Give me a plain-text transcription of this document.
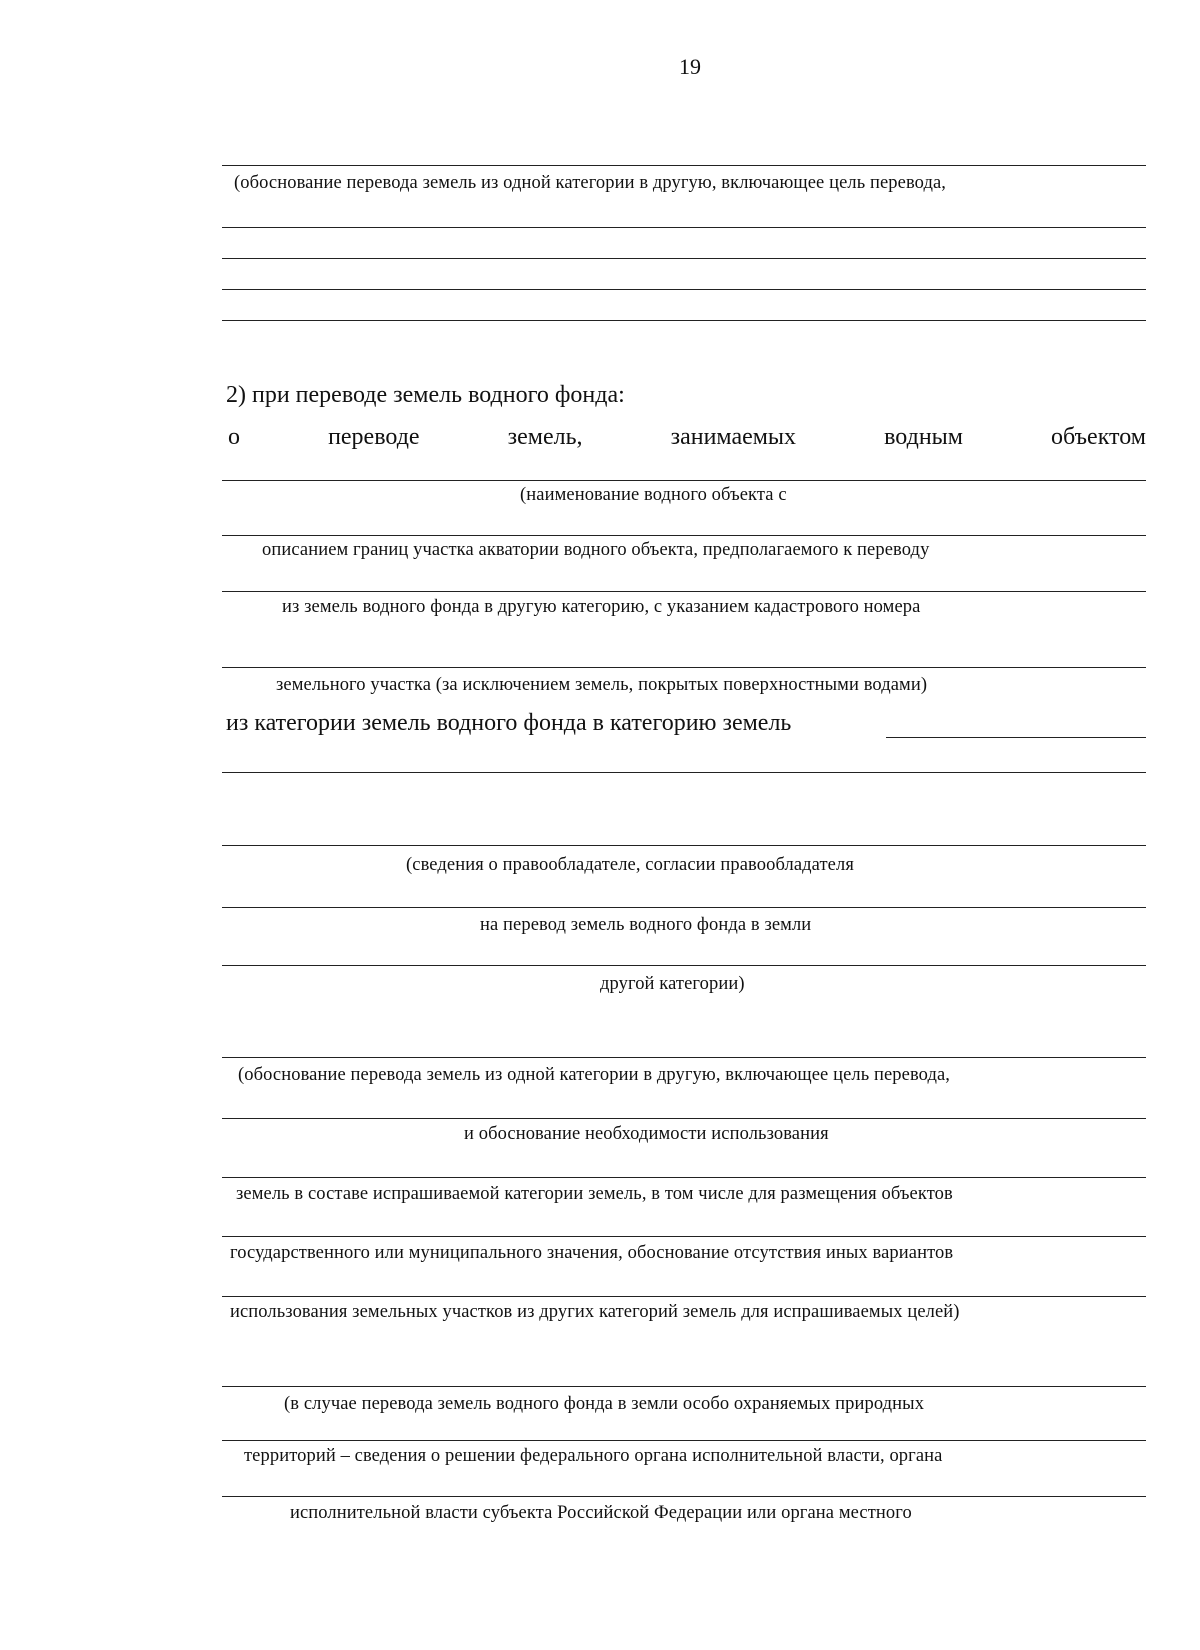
19
(обоснование перевода земель из одной категории в другую, включающее цель перевода,
2) при переводе земель водного фонда:
о	переводе	земель,	занимаемых	водным	объектом
(наименование водного объекта с
описанием границ участка акватории водного объекта, предполагаемого к переводу
из земель водного фонда в другую категорию, с указанием кадастрового номера
земельного участка (за исключением земель, покрытых поверхностными водами)
из категории земель водного фонда в категорию земель
(сведения о правообладателе, согласии правообладателя
на перевод земель водного фонда в земли
другой категории)
(обоснование перевода земель из одной категории в другую, включающее цель перевода,
и обоснование необходимости использования
земель в составе испрашиваемой категории земель, в том числе для размещения объектов
государственного или муниципального значения, обоснование отсутствия иных вариантов
использования земельных участков из других категорий земель для испрашиваемых целей)
(в случае перевода земель водного фонда в земли особо охраняемых природных
территорий – сведения о решении федерального органа исполнительной власти, органа
исполнительной власти субъекта Российской Федерации или органа местного
